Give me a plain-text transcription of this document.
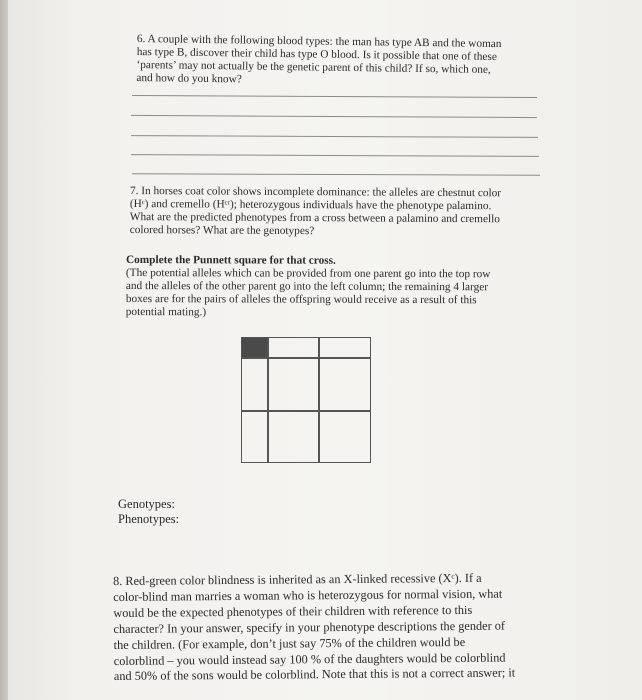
6. A couple with the following blood types: the man has type AB and the woman

has type B, discover their child has type O blood. Is it possible that one of these

‘parents’ may not actually be the genetic parent of this child? If so, which one,

and how do you know?

7. In horses coat color shows incomplete dominance: the alleles are chestnut color

(Hᶜ) and cremello (Hᶜʳ); heterozygous individuals have the phenotype palamino.

What are the predicted phenotypes from a cross between a palamino and cremello

colored horses? What are the genotypes?

Complete the Punnett square for that cross.

(The potential alleles which can be provided from one parent go into the top row

and the alleles of the other parent go into the left column; the remaining 4 larger

boxes are for the pairs of alleles the offspring would receive as a result of this

potential mating.)

Genotypes:

Phenotypes:

8. Red-green color blindness is inherited as an X-linked recessive (Xᶜ). If a

color-blind man marries a woman who is heterozygous for normal vision, what

would be the expected phenotypes of their children with reference to this

character? In your answer, specify in your phenotype descriptions the gender of

the children. (For example, don’t just say 75% of the children would be

colorblind – you would instead say 100 % of the daughters would be colorblind

and 50% of the sons would be colorblind. Note that this is not a correct answer; it
